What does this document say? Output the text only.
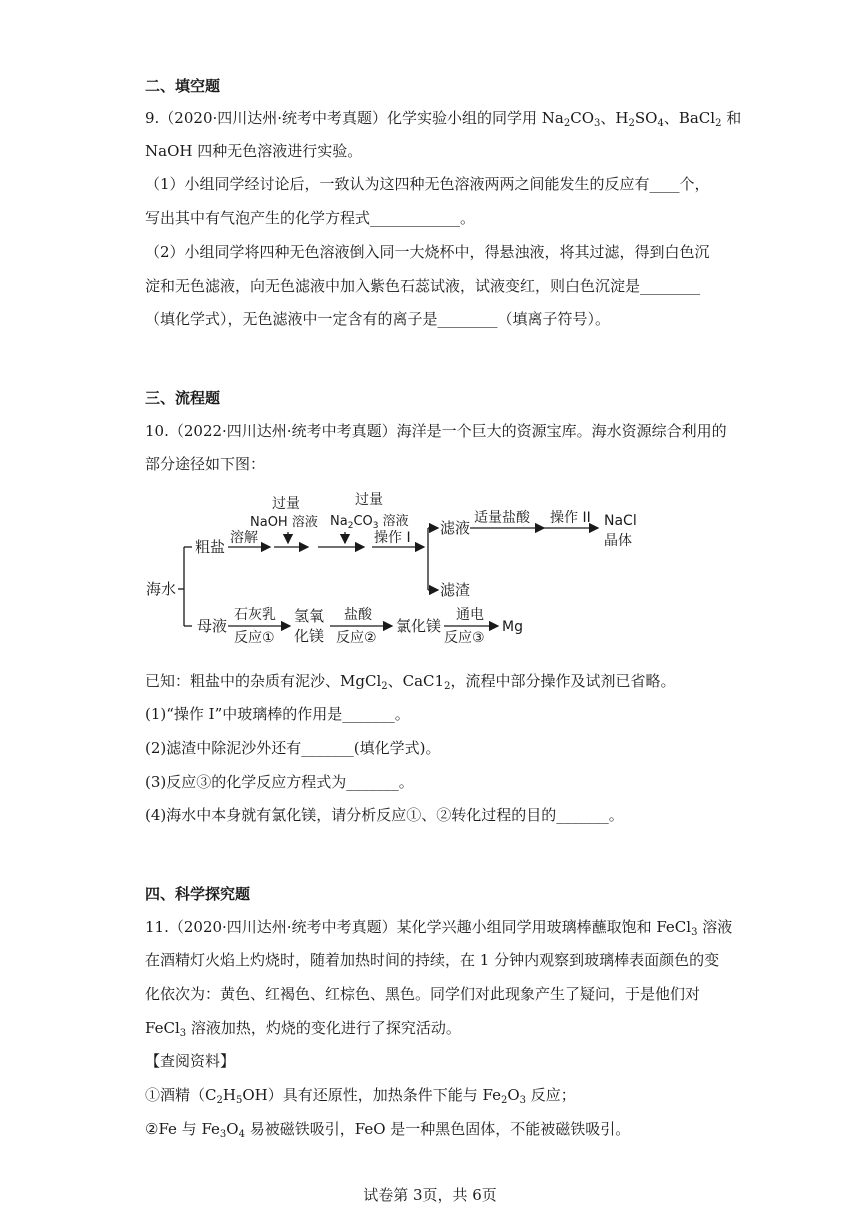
二、填空题
9.（2020·四川达州·统考中考真题）化学实验小组的同学用 $Na_2CO_3$、$H_2SO_4$、BaCl$_2$ 和
NaOH 四种无色溶液进行实验。
（1）小组同学经讨论后，一致认为这四种无色溶液两两之间能发生的反应有____个，
写出其中有气泡产生的化学方程式____________。
（2）小组同学将四种无色溶液倒入同一大烧杯中，得悬浊液，将其过滤，得到白色沉
淀和无色滤液，向无色滤液中加入紫色石蕊试液，试液变红，则白色沉淀是________
（填化学式），无色滤液中一定含有的离子是________（填离子符号）。
三、流程题
10.（2022·四川达州·统考中考真题）海洋是一个巨大的资源宝库。海水资源综合利用的
部分途径如下图：
海水
粗盐 溶解
过量
NaOH 溶液
过量
$Na_2CO_3$ 溶液
操作 I
滤液
滤渣
适量盐酸 操作 II NaCl
晶体
母液
石灰乳
反应①
氢氧
化镁
盐酸
反应②
氯化镁
通电
反应③
Mg
已知：粗盐中的杂质有泥沙、MgCl$_2$、$CaC1_2$，流程中部分操作及试剂已省略。
(1)“操作 I”中玻璃棒的作用是_______。
(2)滤渣中除泥沙外还有_______(填化学式)。
(3)反应③的化学反应方程式为_______。
(4)海水中本身就有氯化镁，请分析反应①、②转化过程的目的_______。
四、科学探究题
11.（2020·四川达州·统考中考真题）某化学兴趣小组同学用玻璃棒蘸取饱和 FeCl$_3$ 溶液
在酒精灯火焰上灼烧时，随着加热时间的持续，在 1 分钟内观察到玻璃棒表面颜色的变
化依次为：黄色、红褐色、红棕色、黑色。同学们对此现象产生了疑问，于是他们对
FeCl$_3$ 溶液加热，灼烧的变化进行了探究活动。
【查阅资料】
①酒精$(C_2H_5OH)$具有还原性，加热条件下能与 $Fe_2O_3$ 反应；
②Fe 与 $Fe_3O_4$ 易被磁铁吸引，FeO 是一种黑色固体，不能被磁铁吸引。
试卷第 3页，共 6页
